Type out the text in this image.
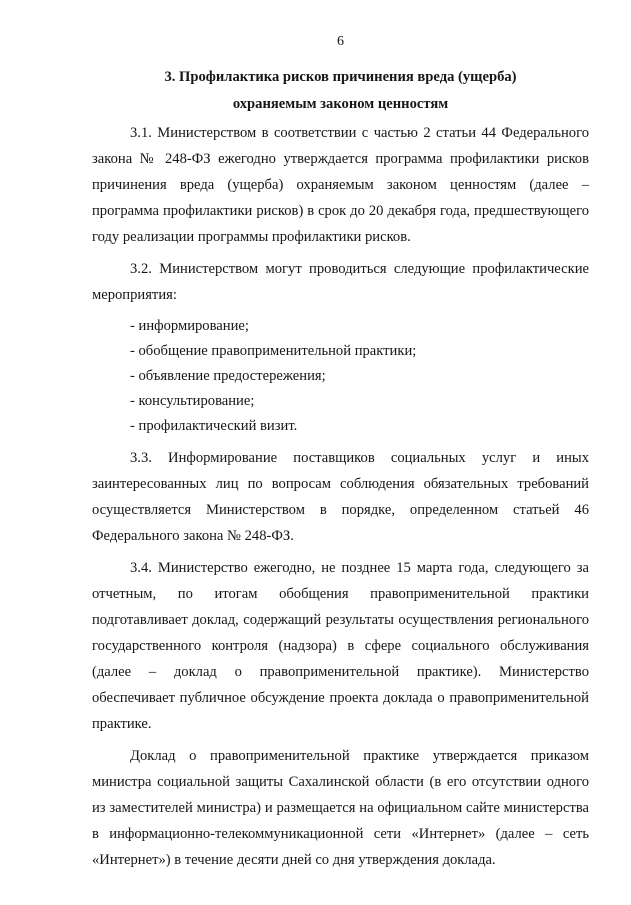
6
3. Профилактика рисков причинения вреда (ущерба)
охраняемым законом ценностям

3.1. Министерством в соответствии с частью 2 статьи 44 Федерального закона № 248-ФЗ ежегодно утверждается программа профилактики рисков причинения вреда (ущерба) охраняемым законом ценностям (далее – программа профилактики рисков) в срок до 20 декабря года, предшествующего году реализации программы профилактики рисков.

3.2. Министерством могут проводиться следующие профилактические мероприятия:

- информирование;
- обобщение правоприменительной практики;
- объявление предостережения;
- консультирование;
- профилактический визит.

3.3. Информирование поставщиков социальных услуг и иных заинтересованных лиц по вопросам соблюдения обязательных требований осуществляется Министерством в порядке, определенном статьей 46 Федерального закона № 248-ФЗ.

3.4. Министерство ежегодно, не позднее 15 марта года, следующего за отчетным, по итогам обобщения правоприменительной практики подготавливает доклад, содержащий результаты осуществления регионального государственного контроля (надзора) в сфере социального обслуживания (далее – доклад о правоприменительной практике). Министерство обеспечивает публичное обсуждение проекта доклада о правоприменительной практике.

Доклад о правоприменительной практике утверждается приказом министра социальной защиты Сахалинской области (в его отсутствии одного из заместителей министра) и размещается на официальном сайте министерства в информационно-телекоммуникационной сети «Интернет» (далее – сеть «Интернет») в течение десяти дней со дня утверждения доклада.
